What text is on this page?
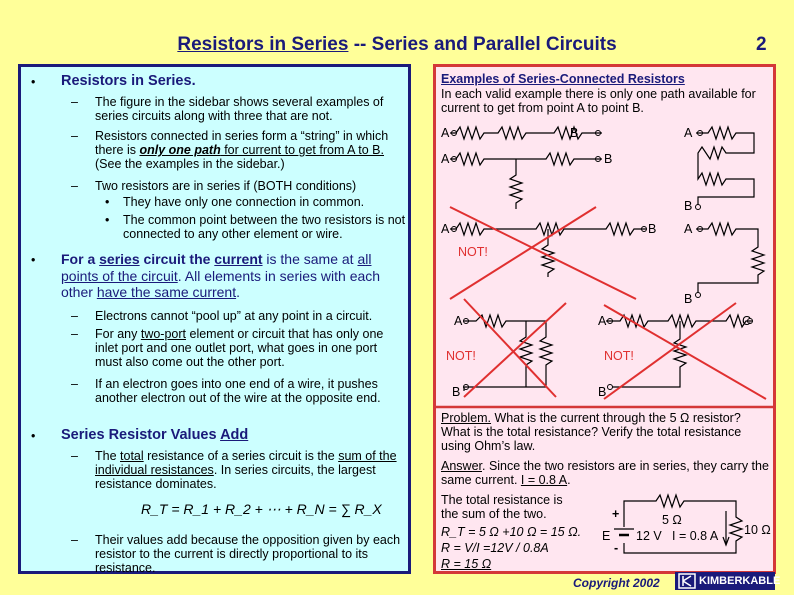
Resistors in Series -- Series and Parallel Circuits	2
• Resistors in Series.
– The figure in the sidebar shows several examples of series circuits along with three that are not.
– Resistors connected in series form a “string” in which there is only one path for current to get from A to B. (See the examples in the sidebar.)
– Two resistors are in series if (BOTH conditions)
• They have only one connection in common.
• The common point between the two resistors is not connected to any other element or wire.
• For a series circuit the current is the same at all points of the circuit. All elements in series with each other have the same current.
– Electrons cannot “pool up” at any point in a circuit.
– For any two-port element or circuit that has only one inlet port and one outlet port, what goes in one port must also come out the other port.
– If an electron goes into one end of a wire, it pushes another electron out of the wire at the opposite end.
• Series Resistor Values Add
– The total resistance of a series circuit is the sum of the individual resistances. In series circuits, the largest resistance dominates.
R_T = R_1 + R_2 + ⋯ + R_N = ∑ R_X
– Their values add because the opposition given by each resistor to the current is directly proportional to its resistance.
Examples of Series-Connected Resistors
In each valid example there is only one path available for current to get from point A to point B.
A	B	A
A	B
B
A	B A
NOT!
B
A	A	C
NOT!	NOT!
B	B
Problem. What is the current through the 5 Ω resistor? What is the total resistance? Verify the total resistance using Ohm’s law.
Answer. Since the two resistors are in series, they carry the same current. I = 0.8 A.
The total resistance is
the sum of the two.
R_T = 5 Ω +10 Ω = 15 Ω.
R = V/I =12V / 0.8A
R = 15 Ω
5 Ω
10 Ω
E 12 V I = 0.8 A
+
-
Copyright 2002	KIMBERKABLE
